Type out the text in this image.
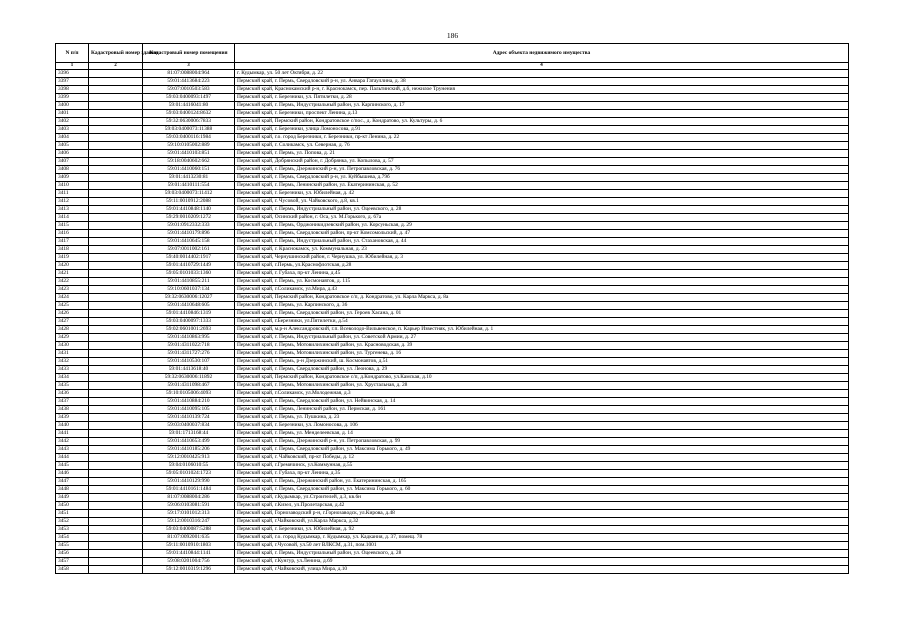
186
N п/п	Кадастровый номер здания	Кадастровый номер помещения	Адрес объекта недвижимого имущества
1	2	3	4
3396		81:07:0088004:964	г. Кудымкар, ул. 50 лет Октября, д. 22
3397		59:01:4413684:223	Пермский край, г. Пермь, Свердловский р-н, ул. Анвара Гатауллина, д. 38
3398		59:07:0010503:583	Пермский край, Краснокамский р-н, г. Краснокамск, пер. Пальтинский, д.6, нежилое Трунения
3399		59:03:0400093:1497	Пермский край, г. Березники, ул. Пятилетки, д. 28
3400		59:01:4416041:80	Пермский край, г. Пермь, Индустриальный район, ул. Карпинского, д. 17
3401		59:03:0400124:8632	Пермский край, г. Березники, проспект Ленина, д.13
3402		59:32:0630006:7833	Пермский край, Пермский район, Кондратовское с/пос., д. Кондратово, ул. Культуры, д. 6
3403		59:03:0400073:11388	Пермский край, г. Березники, улица Ломоносова, д.91
3404		59:03:0400116:1984	Пермский край, г.о. город Березники, г. Березники, пр-кт Ленина, д. 22
3405		59:10:0105002:889	Пермский край, г. Соликамск, ул. Северная, д. 76
3406		59:01:4410103:851	Пермский край, г. Пермь, ул. Попова, д. 21
3407		59:18:0040602:662	Пермский край, Добрянский район, г. Добрянка, ул. Копылова, д. 57
3408		59:01:4410060:151	Пермский край, г. Пермь, Дзержинский р-н, ул. Петропавловская, д. 76
3409		59:01:4413230:81	Пермский край, г. Пермь, Свердловский р-н, ул. Куйбышева, д.79б
3410		59:01:4410111:554	Пермский край, г. Пермь, Ленинский район, ул. Екатерининская, д. 52
3411		59:03:0400073:11412	Пермский край, г. Березники, ул. Юбилейная, д. 42
3412		59:11:0010912:2088	Пермский край, г. Чусовой, ул. Чайковского, д.8, кв.1
3413		59:01:4410848:1140	Пермский край, г. Пермь, Индустриальный район, ул. Оцеевского, д. 28
3414		59:29:0010209:1272	Пермский край, Осинский район, г. Оса, ул. М.Горького, д. 67а
3415		59:01:0912332:333	Пермский край, г. Пермь, Орджоникидзевский район, ул. Корсуньская, д. 29
3416		59:01:4410179:896	Пермский край, г. Пермь, Свердловский район, пр-кт Комсомольский, д. 47
3417		59:01:4410645:158	Пермский край, г. Пермь, Индустриальный район, ул. Стахановская, д. 44
3418		59:07:0011002:161	Пермский край, г. Краснокамск, ул. Коммунальная, д. 23
3419		59:40:0014402:1917	Пермский край, Чернушинский район, г. Чернушка, ул. Юбилейная, д. 3
3420		59:01:4410729:1449	Пермский край, г.Пермь, ул.Краснофлотская, д.28
3421		59:05:0101033:1360	Пермский край, г. Губаха, пр-кт Ленина, д.45
3422		59:01:4410855:211	Пермский край, г. Пермь, ул. Космонавтов, д. 115
3423		59:10:0601037:134	Пермский край, г.Соликамск, ул.Мира, д.43
3424		59:32:0630006:12027	Пермский край, Пермский район, Кондратовское с/п, д. Кондратово, ул. Карла Маркса, д. 8а
3425		59:01:4410648:605	Пермский край, г. Пермь, ул. Карпинского, д. 36
3426		59:01:4410846:1319	Пермский край, г. Пермь, Свердловский район, ул. Героев Хасана, д. 01
3427		59:03:0400097:1333	Пермский край, г.Березники, ул.Пятилетки, д.54
3428		59:02:0601001:2693	Пермский край, м.р-н Александровский, г.п. Всеволодо-Вильвенское, п. Карьер Известняк, ул. Юбилейная, д. 1
3429		59:01:4410863:995	Пермский край, г. Пермь, Индустриальный район, ул. Советской Армии, д. 27
3430		59:01:4311022:718	Пермский край, г. Пермь, Мотовилихинский район, ул. Красноводская, д. 39
3431		59:01:4311727:276	Пермский край, г. Пермь, Мотовилихинский район, ул. Тургенева, д. 16
3432		59:01:4410530:107	Пермский край, г. Пермь, р-н Дзержинский, ш. Космонавтов, д.51
3433		59:01:4413618:40	Пермский край, г. Пермь, Свердловский район, ул. Леонова, д. 29
3434		59:32:0630006:11892	Пермский край, Пермский район, Кондратовское с/п, д.Кондратово, ул.Камская, д.10
3435		59:01:4311098:467	Пермский край, г. Пермь, Мотовилихинский район, ул. Хрустальная, д. 28
3436		59:10:0105006:4093	Пермский край, г.Соликамск, ул.Молодежная, д.3
3437		59:01:4410884:210	Пермский край, г. Пермь, Свердловский район, ул. Нейвинская, д. 14
3438		59:01:4410095:105	Пермский край, г. Пермь, Ленинский район, ул. Пермская, д. 161
3439		59:01:4410139:724	Пермский край, г. Пермь, ул. Пушкина, д. 23
3440		59:03:0400037:834	Пермский край, г. Березники, ул. Ломоносова, д. 106
3441		59:01:1713168:44	Пермский край, г. Пермь, ул. Менделеевская, д. 14
3442		59:01:4410653:499	Пермский край, г. Пермь, Дзержинский р-н, ул. Петропавловская, д. 99
3443		59:01:4410185:206	Пермский край, г. Пермь, Свердловский район, ул. Максима Горького, д. 49
3444		59:12:0010425:913	Пермский край, г. Чайковский, пр-кт Победы, д. 12
3445		59:04:0106010:55	Пермский край, г.Гремячинск, ул.Коммунная, д.55
3446		59:05:0101024:1723	Пермский край, г. Губаха, пр-кт Ленина, д.35
3447		59:01:4410129:990	Пермский край, г. Пермь, Дзержинский район, ул. Екатерининская, д. 165
3448		59:01:4410161:1484	Пермский край, г. Пермь, Свердловский район, ул. Максима Горького, д. 60
3449		81:07:0088004:286	Пермский край, г.Кудымкар, ул.Строителей, д.3, кв.6н
3450		59:06:0103081:591	Пермский край, г.Кизел, ул.Пролетарская, д.42
3451		59:17:0101012:313	Пермский край, Горнозаводский р-н, г.Горнозаводск, ул.Кирова, д.48
3452		59:12:0010316:247	Пермский край, г.Чайковский, ул.Карла Маркса, д.32
3453		59:03:0400087:5288	Пермский край, г. Березники, ул. Юбилейная, д. 92
3454		81:07:0092001:635	Пермский край, г.о. город Кудымкар, г. Кудымкар, ул. Кадкания, д. 37, помещ. 78
3455		59:11:0010910:1803	Пермский край, г.Чусовой, ул.50 лет ВЛКСМ, д.31, пом.1001
3456		59:01:4410844:1141	Пермский край, г. Пермь, Индустриальный район, ул. Оцеевского, д. 28
3457		59:08:0201004:756	Пермский край, г.Кунгур, ул.Ленина, д.69
3458		59:12:0010319:1296	Пермский край, г.Чайковский, улица Мира, д.10
